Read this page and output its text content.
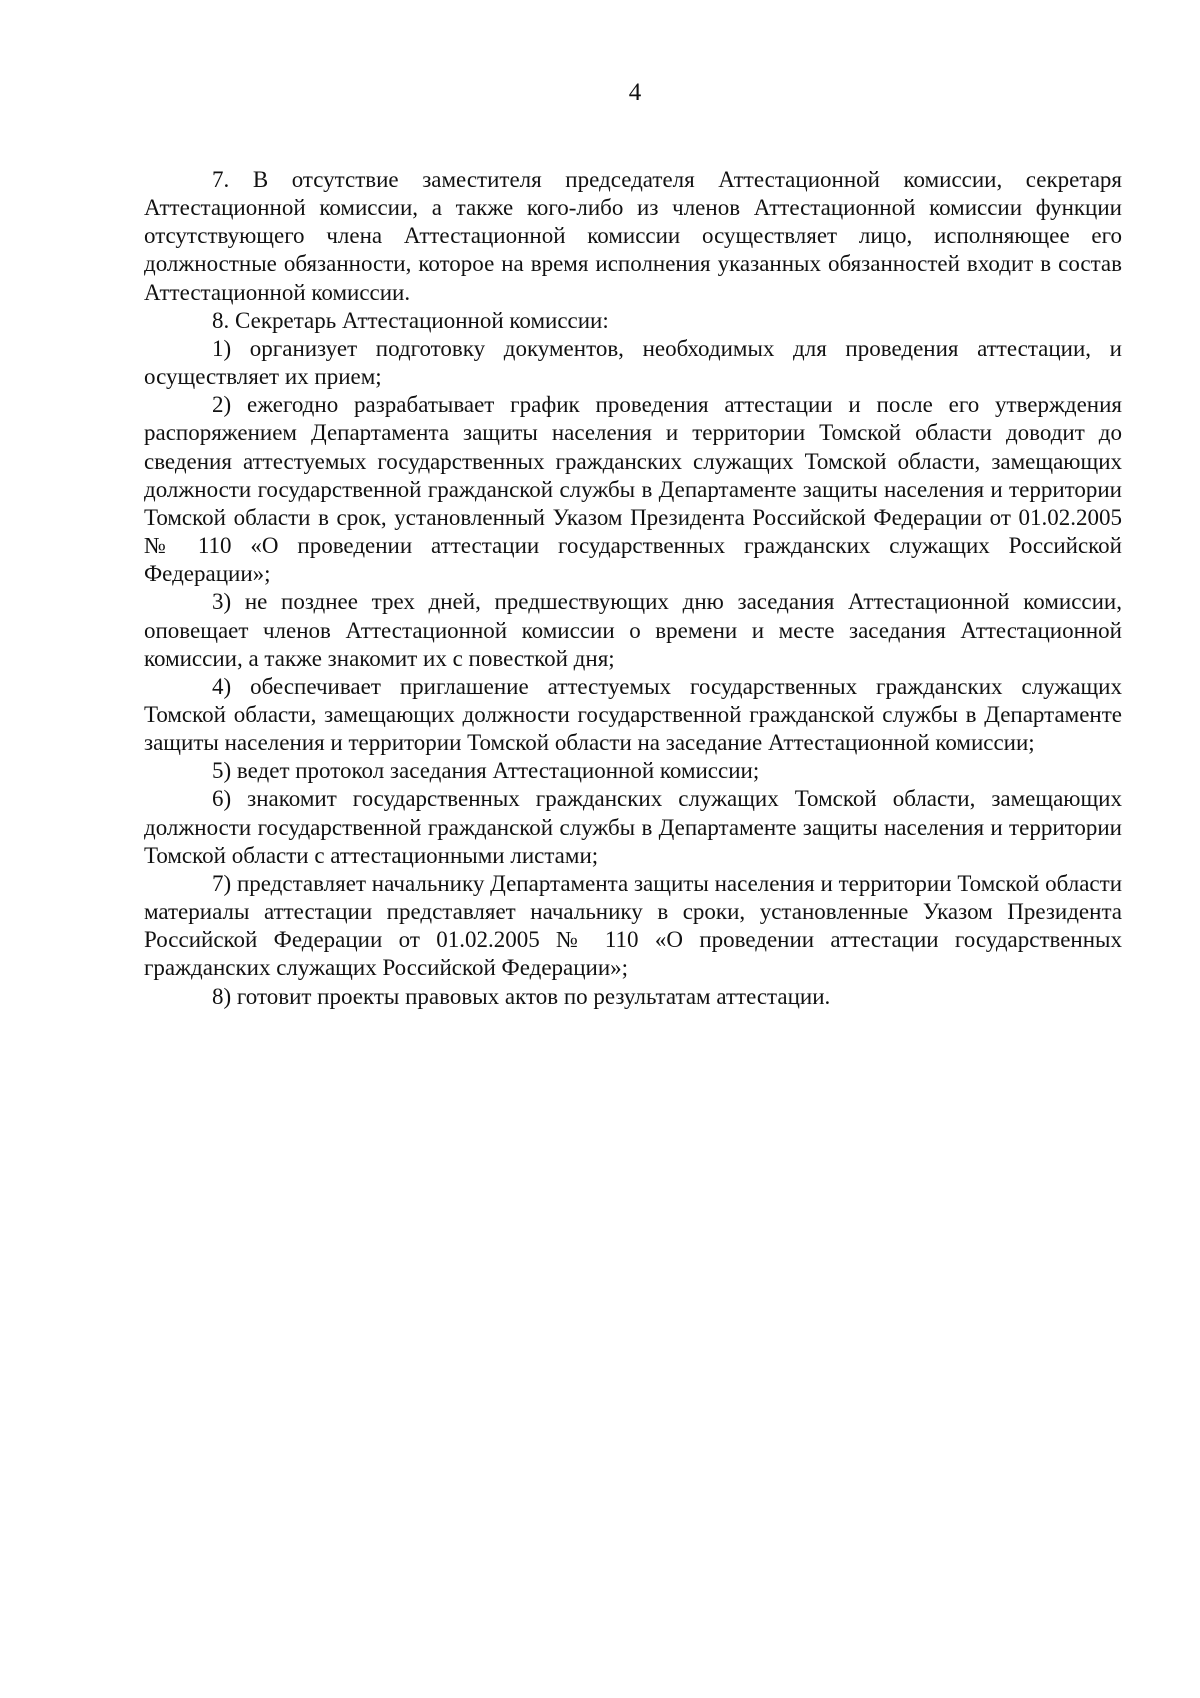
4

7. В отсутствие заместителя председателя Аттестационной комиссии, секретаря Аттестационной комиссии, а также кого-либо из членов Аттестационной комиссии функции отсутствующего члена Аттестационной комиссии осуществляет лицо, исполняющее его должностные обязанности, которое на время исполнения указанных обязанностей входит в состав Аттестационной комиссии.

8. Секретарь Аттестационной комиссии:

1) организует подготовку документов, необходимых для проведения аттестации, и осуществляет их прием;

2) ежегодно разрабатывает график проведения аттестации и после его утверждения распоряжением Департамента защиты населения и территории Томской области доводит до сведения аттестуемых государственных гражданских служащих Томской области, замещающих должности государственной гражданской службы в Департаменте защиты населения и территории Томской области в срок, установленный Указом Президента Российской Федерации от 01.02.2005 № 110 «О проведении аттестации государственных гражданских служащих Российской Федерации»;

3) не позднее трех дней, предшествующих дню заседания Аттестационной комиссии, оповещает членов Аттестационной комиссии о времени и месте заседания Аттестационной комиссии, а также знакомит их с повесткой дня;

4) обеспечивает приглашение аттестуемых государственных гражданских служащих Томской области, замещающих должности государственной гражданской службы в Департаменте защиты населения и территории Томской области на заседание Аттестационной комиссии;

5) ведет протокол заседания Аттестационной комиссии;

6) знакомит государственных гражданских служащих Томской области, замещающих должности государственной гражданской службы в Департаменте защиты населения и территории Томской области с аттестационными листами;

7) представляет начальнику Департамента защиты населения и территории Томской области материалы аттестации представляет начальнику в сроки, установленные Указом Президента Российской Федерации от 01.02.2005 № 110 «О проведении аттестации государственных гражданских служащих Российской Федерации»;

8) готовит проекты правовых актов по результатам аттестации.
